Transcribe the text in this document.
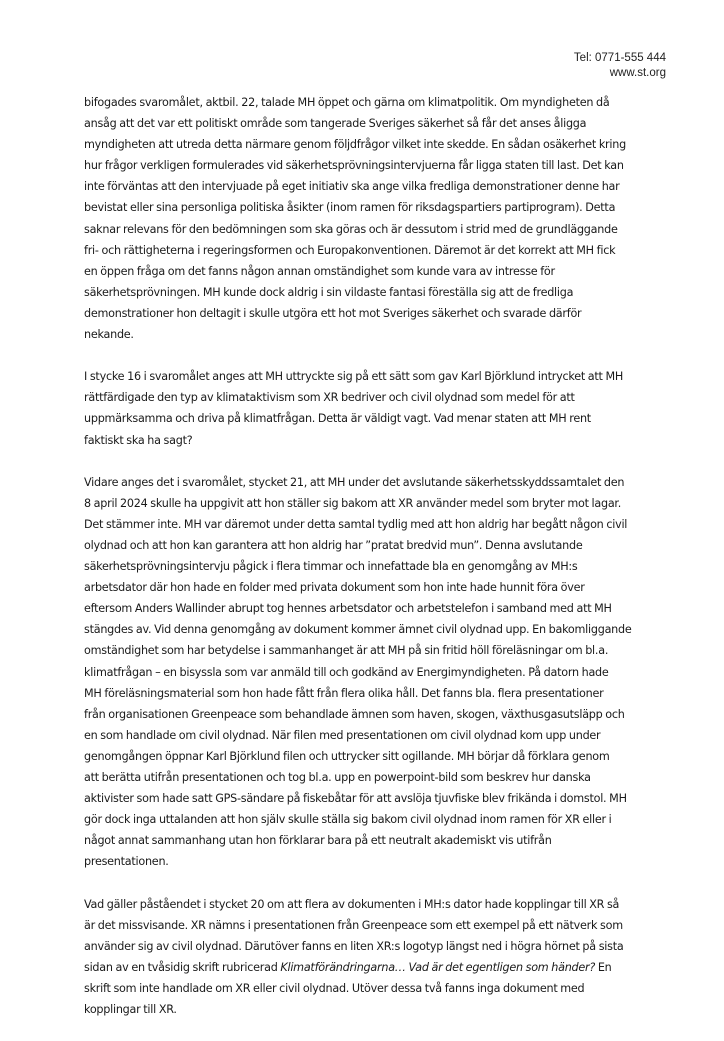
Tel: 0771-555 444
www.st.org

bifogades svaromålet, aktbil. 22, talade MH öppet och gärna om klimatpolitik. Om myndigheten då
ansåg att det var ett politiskt område som tangerade Sveriges säkerhet så får det anses åligga
myndigheten att utreda detta närmare genom följdfrågor vilket inte skedde. En sådan osäkerhet kring
hur frågor verkligen formulerades vid säkerhetsprövningsintervjuerna får ligga staten till last. Det kan
inte förväntas att den intervjuade på eget initiativ ska ange vilka fredliga demonstrationer denne har
bevistat eller sina personliga politiska åsikter (inom ramen för riksdagspartiers partiprogram). Detta
saknar relevans för den bedömningen som ska göras och är dessutom i strid med de grundläggande
fri- och rättigheterna i regeringsformen och Europakonventionen. Däremot är det korrekt att MH fick
en öppen fråga om det fanns någon annan omständighet som kunde vara av intresse för
säkerhetsprövningen. MH kunde dock aldrig i sin vildaste fantasi föreställa sig att de fredliga
demonstrationer hon deltagit i skulle utgöra ett hot mot Sveriges säkerhet och svarade därför
nekande.

I stycke 16 i svaromålet anges att MH uttryckte sig på ett sätt som gav Karl Björklund intrycket att MH
rättfärdigade den typ av klimataktivism som XR bedriver och civil olydnad som medel för att
uppmärksamma och driva på klimatfrågan. Detta är väldigt vagt. Vad menar staten att MH rent
faktiskt ska ha sagt?

Vidare anges det i svaromålet, stycket 21, att MH under det avslutande säkerhetsskyddssamtalet den
8 april 2024 skulle ha uppgivit att hon ställer sig bakom att XR använder medel som bryter mot lagar.
Det stämmer inte. MH var däremot under detta samtal tydlig med att hon aldrig har begått någon civil
olydnad och att hon kan garantera att hon aldrig har ”pratat bredvid mun”. Denna avslutande
säkerhetsprövningsintervju pågick i flera timmar och innefattade bla en genomgång av MH:s
arbetsdator där hon hade en folder med privata dokument som hon inte hade hunnit föra över
eftersom Anders Wallinder abrupt tog hennes arbetsdator och arbetstelefon i samband med att MH
stängdes av. Vid denna genomgång av dokument kommer ämnet civil olydnad upp. En bakomliggande
omständighet som har betydelse i sammanhanget är att MH på sin fritid höll föreläsningar om bl.a.
klimatfrågan – en bisyssla som var anmäld till och godkänd av Energimyndigheten. På datorn hade
MH föreläsningsmaterial som hon hade fått från flera olika håll. Det fanns bla. flera presentationer
från organisationen Greenpeace som behandlade ämnen som haven, skogen, växthusgasutsläpp och
en som handlade om civil olydnad. När filen med presentationen om civil olydnad kom upp under
genomgången öppnar Karl Björklund filen och uttrycker sitt ogillande. MH börjar då förklara genom
att berätta utifrån presentationen och tog bl.a. upp en powerpoint-bild som beskrev hur danska
aktivister som hade satt GPS-sändare på fiskebåtar för att avslöja tjuvfiske blev frikända i domstol. MH
gör dock inga uttalanden att hon själv skulle ställa sig bakom civil olydnad inom ramen för XR eller i
något annat sammanhang utan hon förklarar bara på ett neutralt akademiskt vis utifrån
presentationen.

Vad gäller påståendet i stycket 20 om att flera av dokumenten i MH:s dator hade kopplingar till XR så
är det missvisande. XR nämns i presentationen från Greenpeace som ett exempel på ett nätverk som
använder sig av civil olydnad. Därutöver fanns en liten XR:s logotyp längst ned i högra hörnet på sista
sidan av en tvåsidig skrift rubricerad Klimatförändringarna… Vad är det egentligen som händer? En
skrift som inte handlade om XR eller civil olydnad. Utöver dessa två fanns inga dokument med
kopplingar till XR.
